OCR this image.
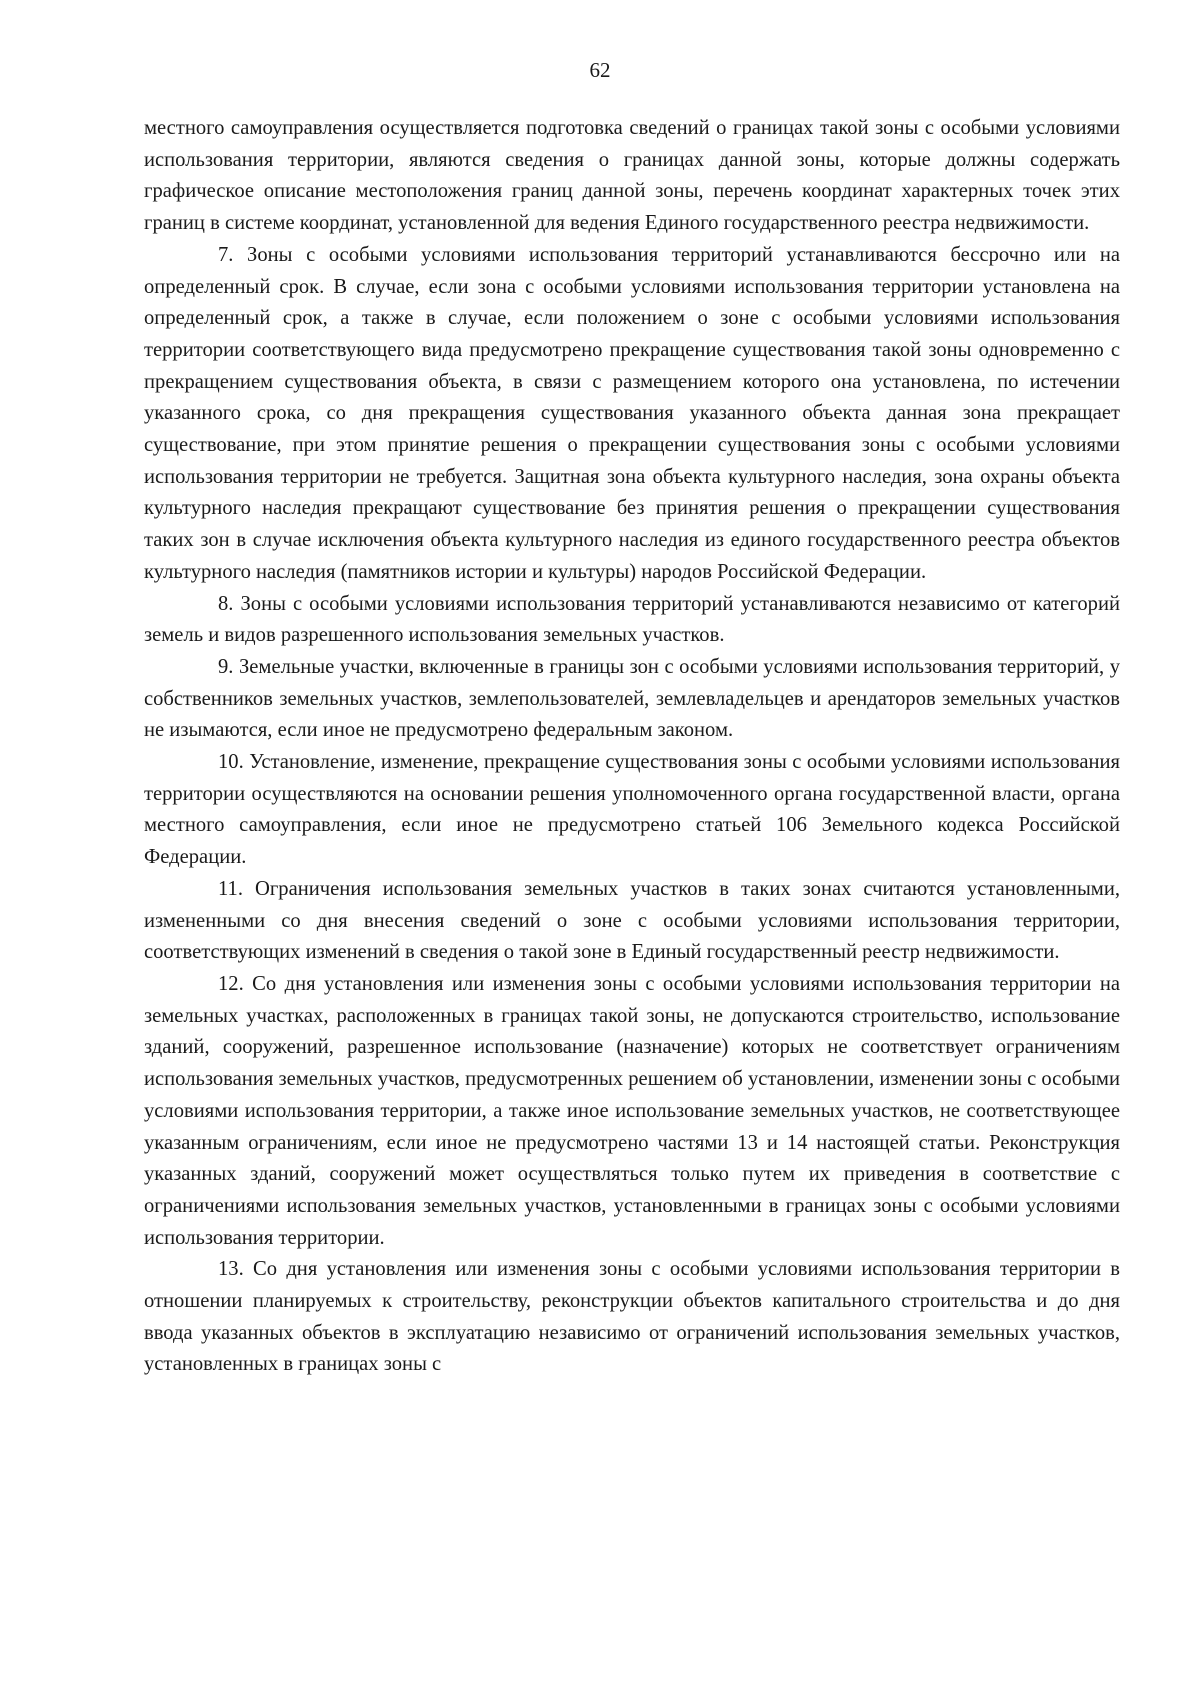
62

местного самоуправления осуществляется подготовка сведений о границах такой зоны с особыми условиями использования территории, являются сведения о границах данной зоны, которые должны содержать графическое описание местоположения границ данной зоны, перечень координат характерных точек этих границ в системе координат, установленной для ведения Единого государственного реестра недвижимости.

7. Зоны с особыми условиями использования территорий устанавливаются бессрочно или на определенный срок. В случае, если зона с особыми условиями использования территории установлена на определенный срок, а также в случае, если положением о зоне с особыми условиями использования территории соответствующего вида предусмотрено прекращение существования такой зоны одновременно с прекращением существования объекта, в связи с размещением которого она установлена, по истечении указанного срока, со дня прекращения существования указанного объекта данная зона прекращает существование, при этом принятие решения о прекращении существования зоны с особыми условиями использования территории не требуется. Защитная зона объекта культурного наследия, зона охраны объекта культурного наследия прекращают существование без принятия решения о прекращении существования таких зон в случае исключения объекта культурного наследия из единого государственного реестра объектов культурного наследия (памятников истории и культуры) народов Российской Федерации.

8. Зоны с особыми условиями использования территорий устанавливаются независимо от категорий земель и видов разрешенного использования земельных участков.

9. Земельные участки, включенные в границы зон с особыми условиями использования территорий, у собственников земельных участков, землепользователей, землевладельцев и арендаторов земельных участков не изымаются, если иное не предусмотрено федеральным законом.

10. Установление, изменение, прекращение существования зоны с особыми условиями использования территории осуществляются на основании решения уполномоченного органа государственной власти, органа местного самоуправления, если иное не предусмотрено статьей 106 Земельного кодекса Российской Федерации.

11. Ограничения использования земельных участков в таких зонах считаются установленными, измененными со дня внесения сведений о зоне с особыми условиями использования территории, соответствующих изменений в сведения о такой зоне в Единый государственный реестр недвижимости.

12. Со дня установления или изменения зоны с особыми условиями использования территории на земельных участках, расположенных в границах такой зоны, не допускаются строительство, использование зданий, сооружений, разрешенное использование (назначение) которых не соответствует ограничениям использования земельных участков, предусмотренных решением об установлении, изменении зоны с особыми условиями использования территории, а также иное использование земельных участков, не соответствующее указанным ограничениям, если иное не предусмотрено частями 13 и 14 настоящей статьи. Реконструкция указанных зданий, сооружений может осуществляться только путем их приведения в соответствие с ограничениями использования земельных участков, установленными в границах зоны с особыми условиями использования территории.

13. Со дня установления или изменения зоны с особыми условиями использования территории в отношении планируемых к строительству, реконструкции объектов капитального строительства и до дня ввода указанных объектов в эксплуатацию независимо от ограничений использования земельных участков, установленных в границах зоны с
